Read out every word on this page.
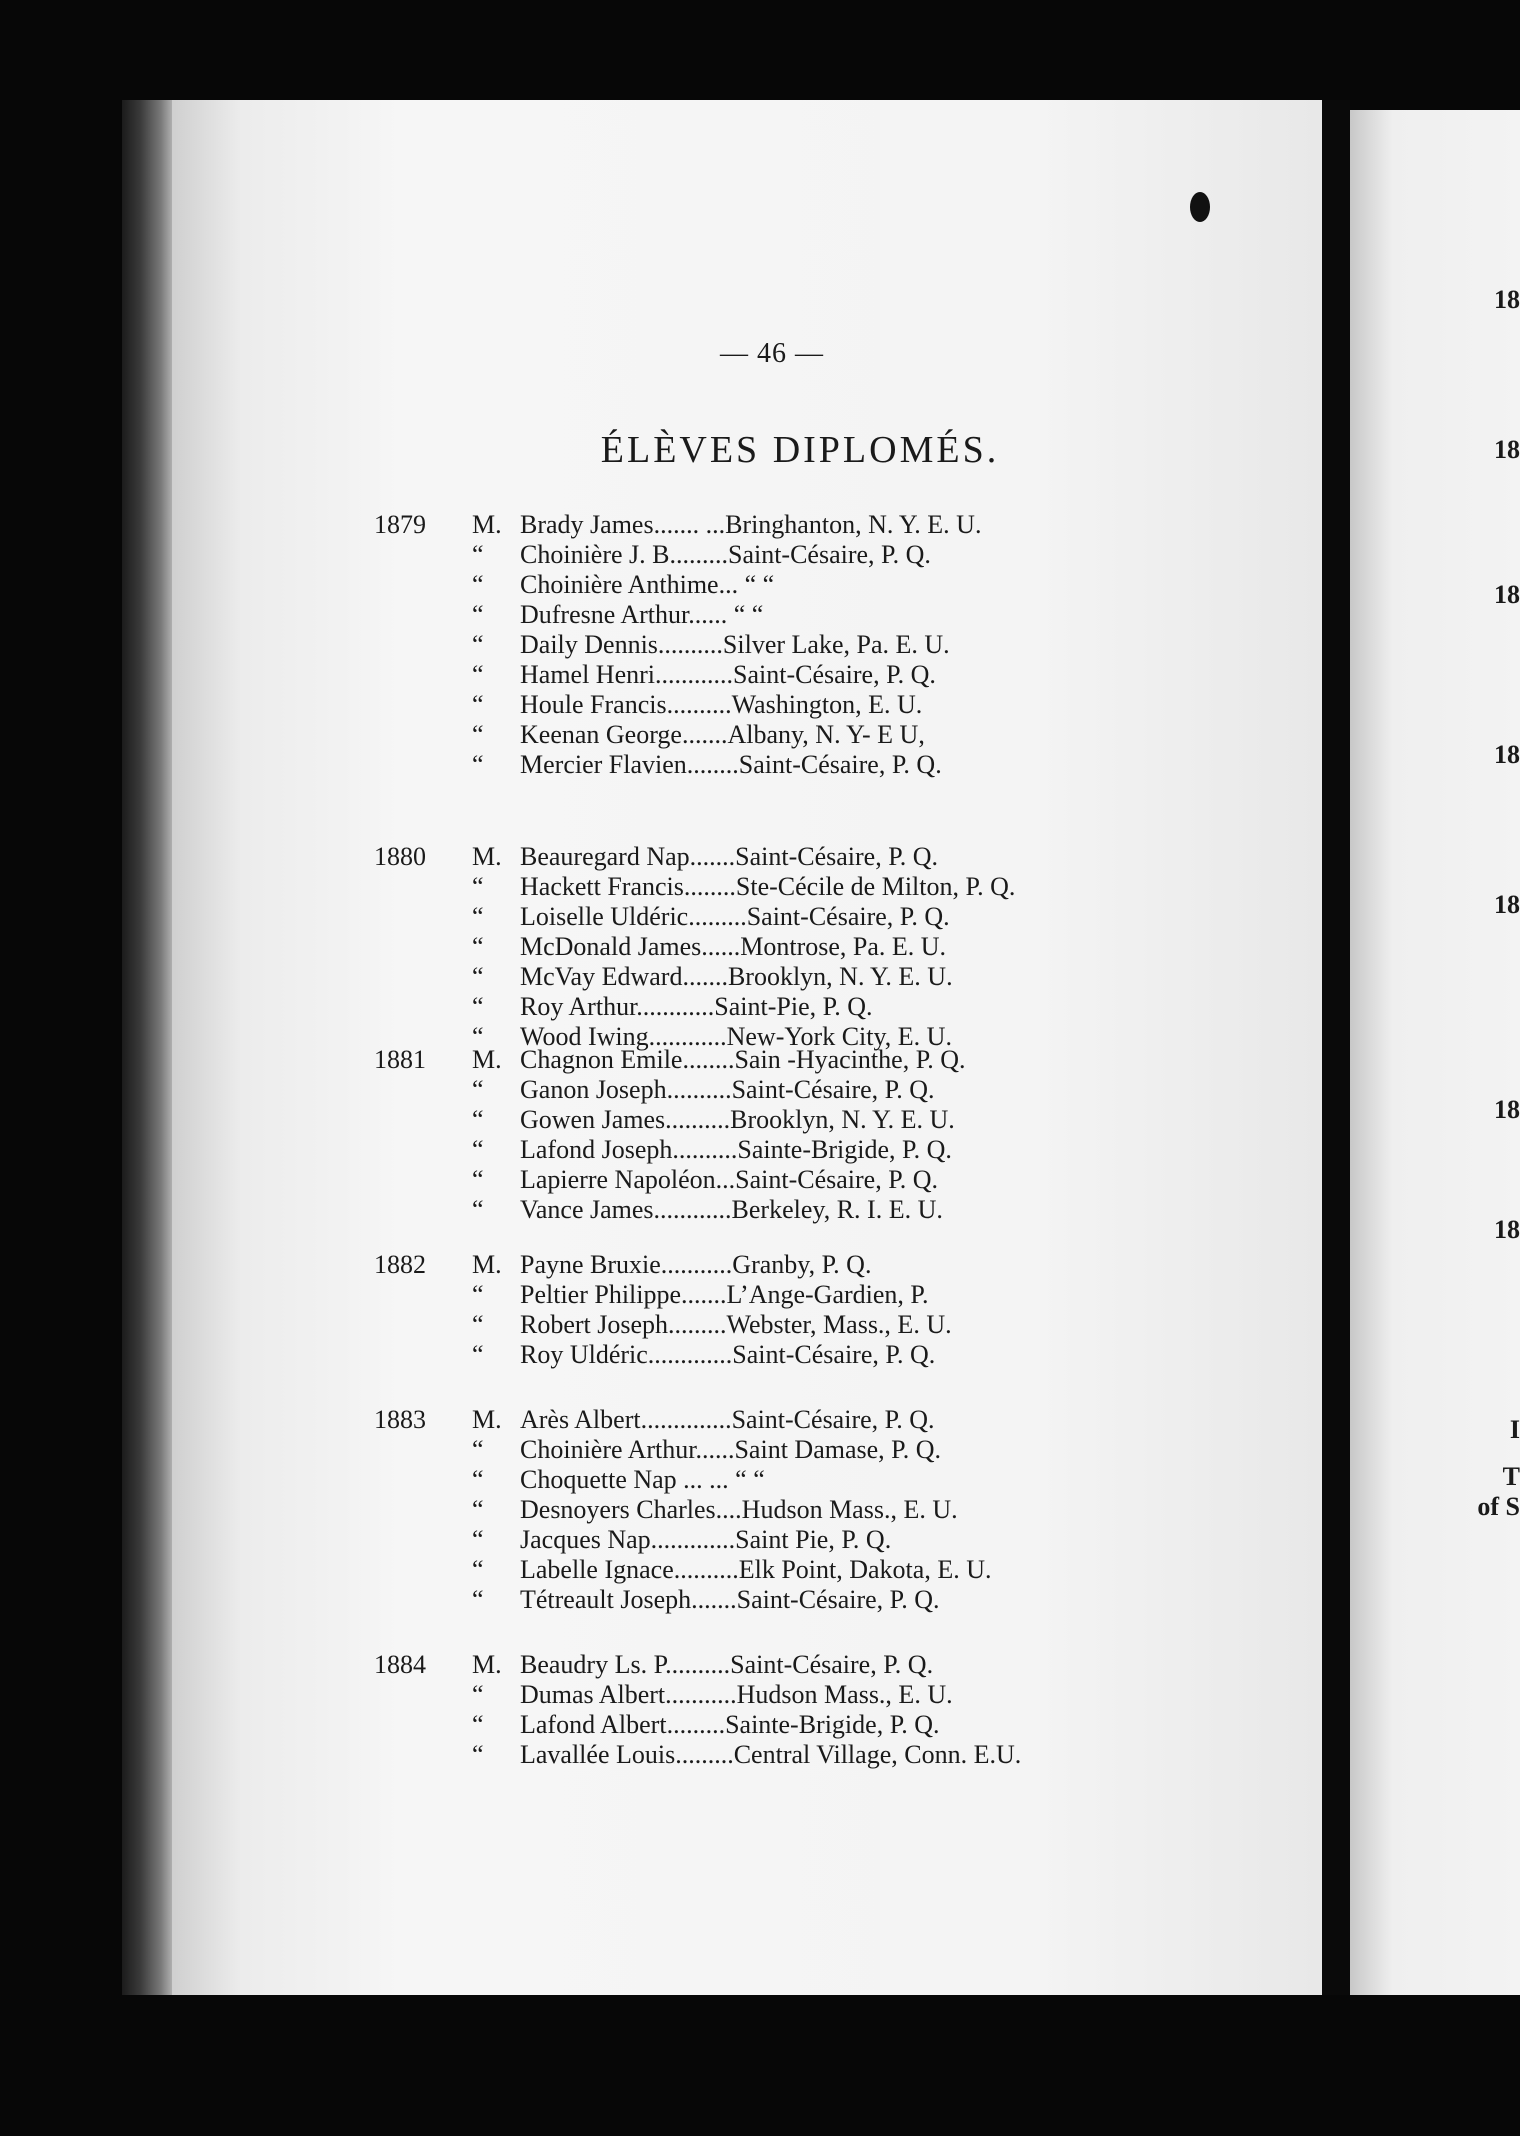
18
18
18
18
18
18
18
I
T
of S
— 46 —
ÉLÈVES DIPLOMÉS.
1879 M. Brady James....... ...Bringhanton, N. Y. E. U.
“ Choinière J. B.........Saint-Césaire, P. Q.
“ Choinière Anthime... “ “
“ Dufresne Arthur...... “ “
“ Daily Dennis..........Silver Lake, Pa. E. U.
“ Hamel Henri............Saint-Césaire, P. Q.
“ Houle Francis..........Washington, E. U.
“ Keenan George.......Albany, N. Y- E U,
“ Mercier Flavien........Saint-Césaire, P. Q.
1880 M. Beauregard Nap.......Saint-Césaire, P. Q.
“ Hackett Francis........Ste-Cécile de Milton, P. Q.
“ Loiselle Uldéric.........Saint-Césaire, P. Q.
“ McDonald James......Montrose, Pa. E. U.
“ McVay Edward.......Brooklyn, N. Y. E. U.
“ Roy Arthur............Saint-Pie, P. Q.
“ Wood Iwing............New-York City, E. U.
1881 M. Chagnon Emile........Sain -Hyacinthe, P. Q.
“ Ganon Joseph..........Saint-Césaire, P. Q.
“ Gowen James..........Brooklyn, N. Y. E. U.
“ Lafond Joseph..........Sainte-Brigide, P. Q.
“ Lapierre Napoléon...Saint-Césaire, P. Q.
“ Vance James............Berkeley, R. I. E. U.
1882 M. Payne Bruxie...........Granby, P. Q.
“ Peltier Philippe.......L’Ange-Gardien, P.
“ Robert Joseph.........Webster, Mass., E. U.
“ Roy Uldéric.............Saint-Césaire, P. Q.
1883 M. Arès Albert..............Saint-Césaire, P. Q.
“ Choinière Arthur......Saint Damase, P. Q.
“ Choquette Nap ... ... “ “
“ Desnoyers Charles....Hudson Mass., E. U.
“ Jacques Nap.............Saint Pie, P. Q.
“ Labelle Ignace..........Elk Point, Dakota, E. U.
“ Tétreault Joseph.......Saint-Césaire, P. Q.
1884 M. Beaudry Ls. P..........Saint-Césaire, P. Q.
“ Dumas Albert...........Hudson Mass., E. U.
“ Lafond Albert.........Sainte-Brigide, P. Q.
“ Lavallée Louis.........Central Village, Conn. E.U.
